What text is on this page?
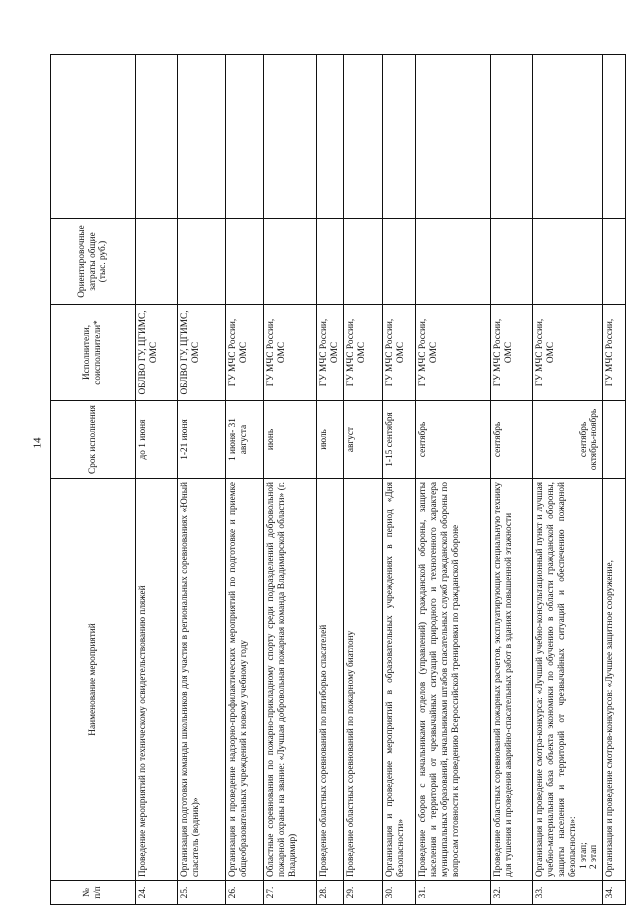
14
№ п/п	Наименование мероприятий	Срок исполнения	Исполнители, соисполнители*	Ориентировочные затраты общие (тыс. руб.)	
24.	Проведение мероприятий по техническому освидетельствованию пляжей	до 1 июня	ОБЛВО ГУ, ЦГИМС, ОМС		
25.	Организация подготовки команды школьников для участия в региональных соревнованиях «Юный спасатель (водник)»	1-21 июня	ОБЛВО ГУ, ЦГИМС, ОМС		
26.	Организация и проведение надзорно-профилактических мероприятий по подготовке и приемке общеобразовательных учреждений к новому учебному году	1 июня- 31 августа	ГУ МЧС России, ОМС		
27.	Областные соревнования по пожарно-прикладному спорту среди подразделений добровольной пожарной охраны на звание: «Лучшая добровольная пожарная команда Владимирской области» (г. Владимир)	июнь	ГУ МЧС России, ОМС		
28.	Проведение областных соревнований по пятиборью спасателей	июль	ГУ МЧС России, ОМС		
29.	Проведение областных соревнований по пожарному биатлону	август	ГУ МЧС России, ОМС		
30.	Организация и проведение мероприятий в образовательных учреждениях в период «Дня безопасности»	1-15 сентября	ГУ МЧС России, ОМС		
31.	Проведение сборов с начальниками отделов (управлений) гражданской обороны, защиты населения и территорий от чрезвычайных ситуаций природного и техногенного характера муниципальных образований, начальниками штабов спасательных служб гражданской обороны по вопросам готовности к проведению Всероссийской тренировки по гражданской обороне	сентябрь	ГУ МЧС России, ОМС		
32.	Проведение областных соревнований пожарных расчетов, эксплуатирующих специальную технику для тушения и проведения аварийно-спасательных работ в зданиях повышенной этажности	сентябрь	ГУ МЧС России, ОМС		
33.	Организация и проведение смотра-конкурса: «Лучший учебно-консультационный пункт и лучшая учебно-материальная база объекта экономики по обучению в области гражданской обороны, защиты населения и территорий от чрезвычайных ситуаций и обеспечению пожарной безопасности»: 1 этап; 2 этап	сентябрь октябрь-ноябрь	ГУ МЧС России, ОМС		
34.	Организация и проведение смотров-конкурсов: «Лучшее защитное сооружение,		ГУ МЧС России,		
